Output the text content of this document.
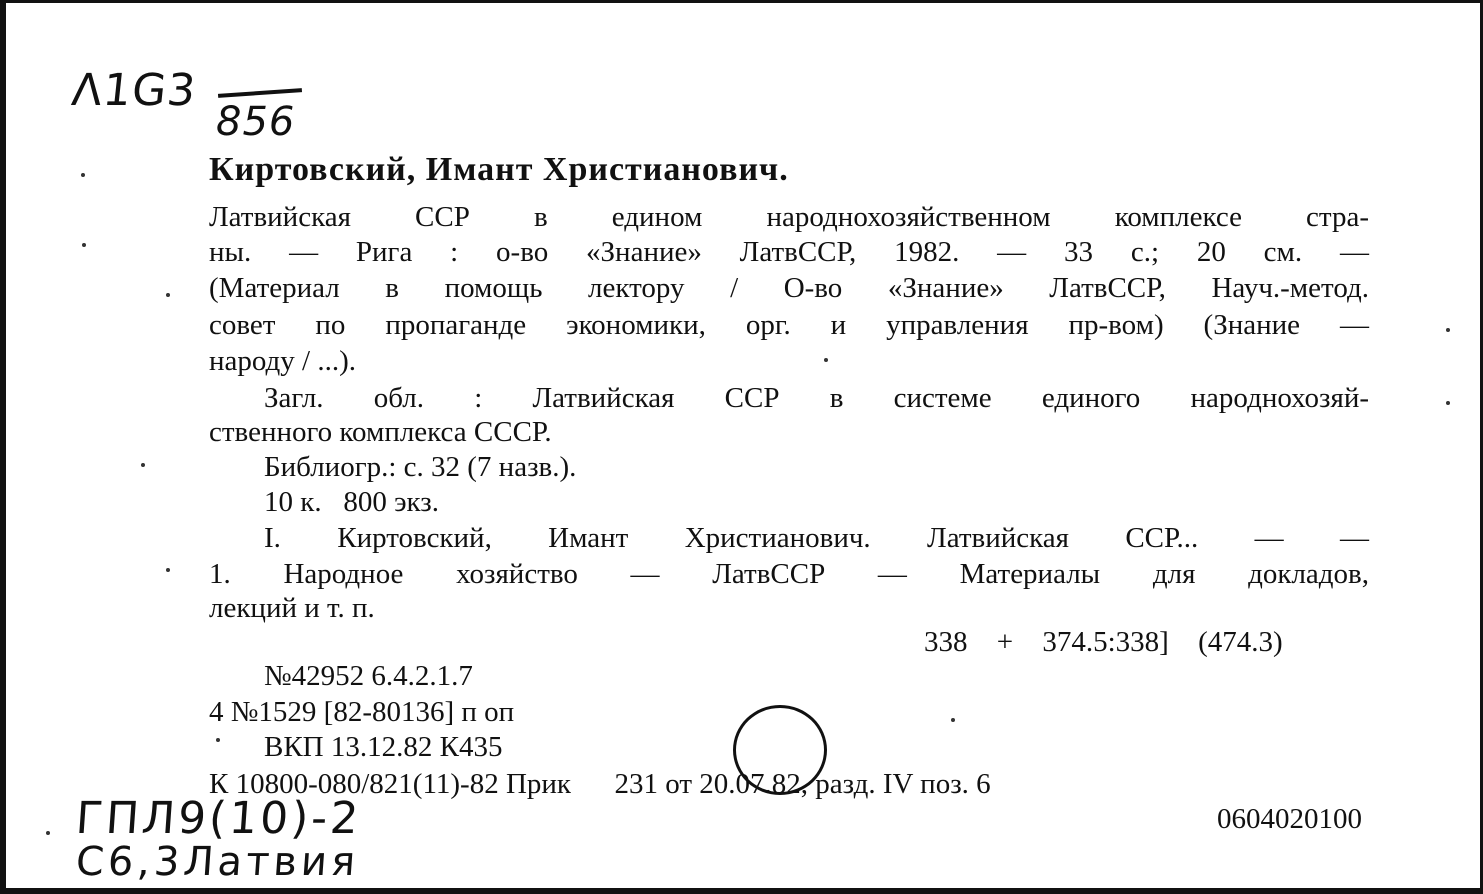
Λ1G3
856
Киртовский, Имант Христианович.
Латвийская ССР в едином народнохозяйственном комплексе стра-
ны. — Рига : о-во «Знание» ЛатвССР, 1982. — 33 с.; 20 см. —
(Материал в помощь лектору / О-во «Знание» ЛатвССР, Науч.-метод.
совет по пропаганде экономики, орг. и управления пр-вом) (Знание —
народу / ...).
Загл. обл. : Латвийская ССР в системе единого народнохозяй-
ственного комплекса СССР.
Библиогр.: с. 32 (7 назв.).
10 к.   800 экз.
I. Киртовский, Имант Христианович. Латвийская ССР... — —
1. Народное хозяйство — ЛатвССР — Материалы для докладов,
лекций и т. п.
338 + 374.5:338] (474.3)
№42952 6.4.2.1.7
4 №1529 [82-80136] п оп
ВКП 13.12.82 К435
К 10800-080/821(11)-82 Прик      231 от 20.07.82, разд. IV поз. 6
0604020100
ГПЛ9(10)-2
С6,3Латвия
